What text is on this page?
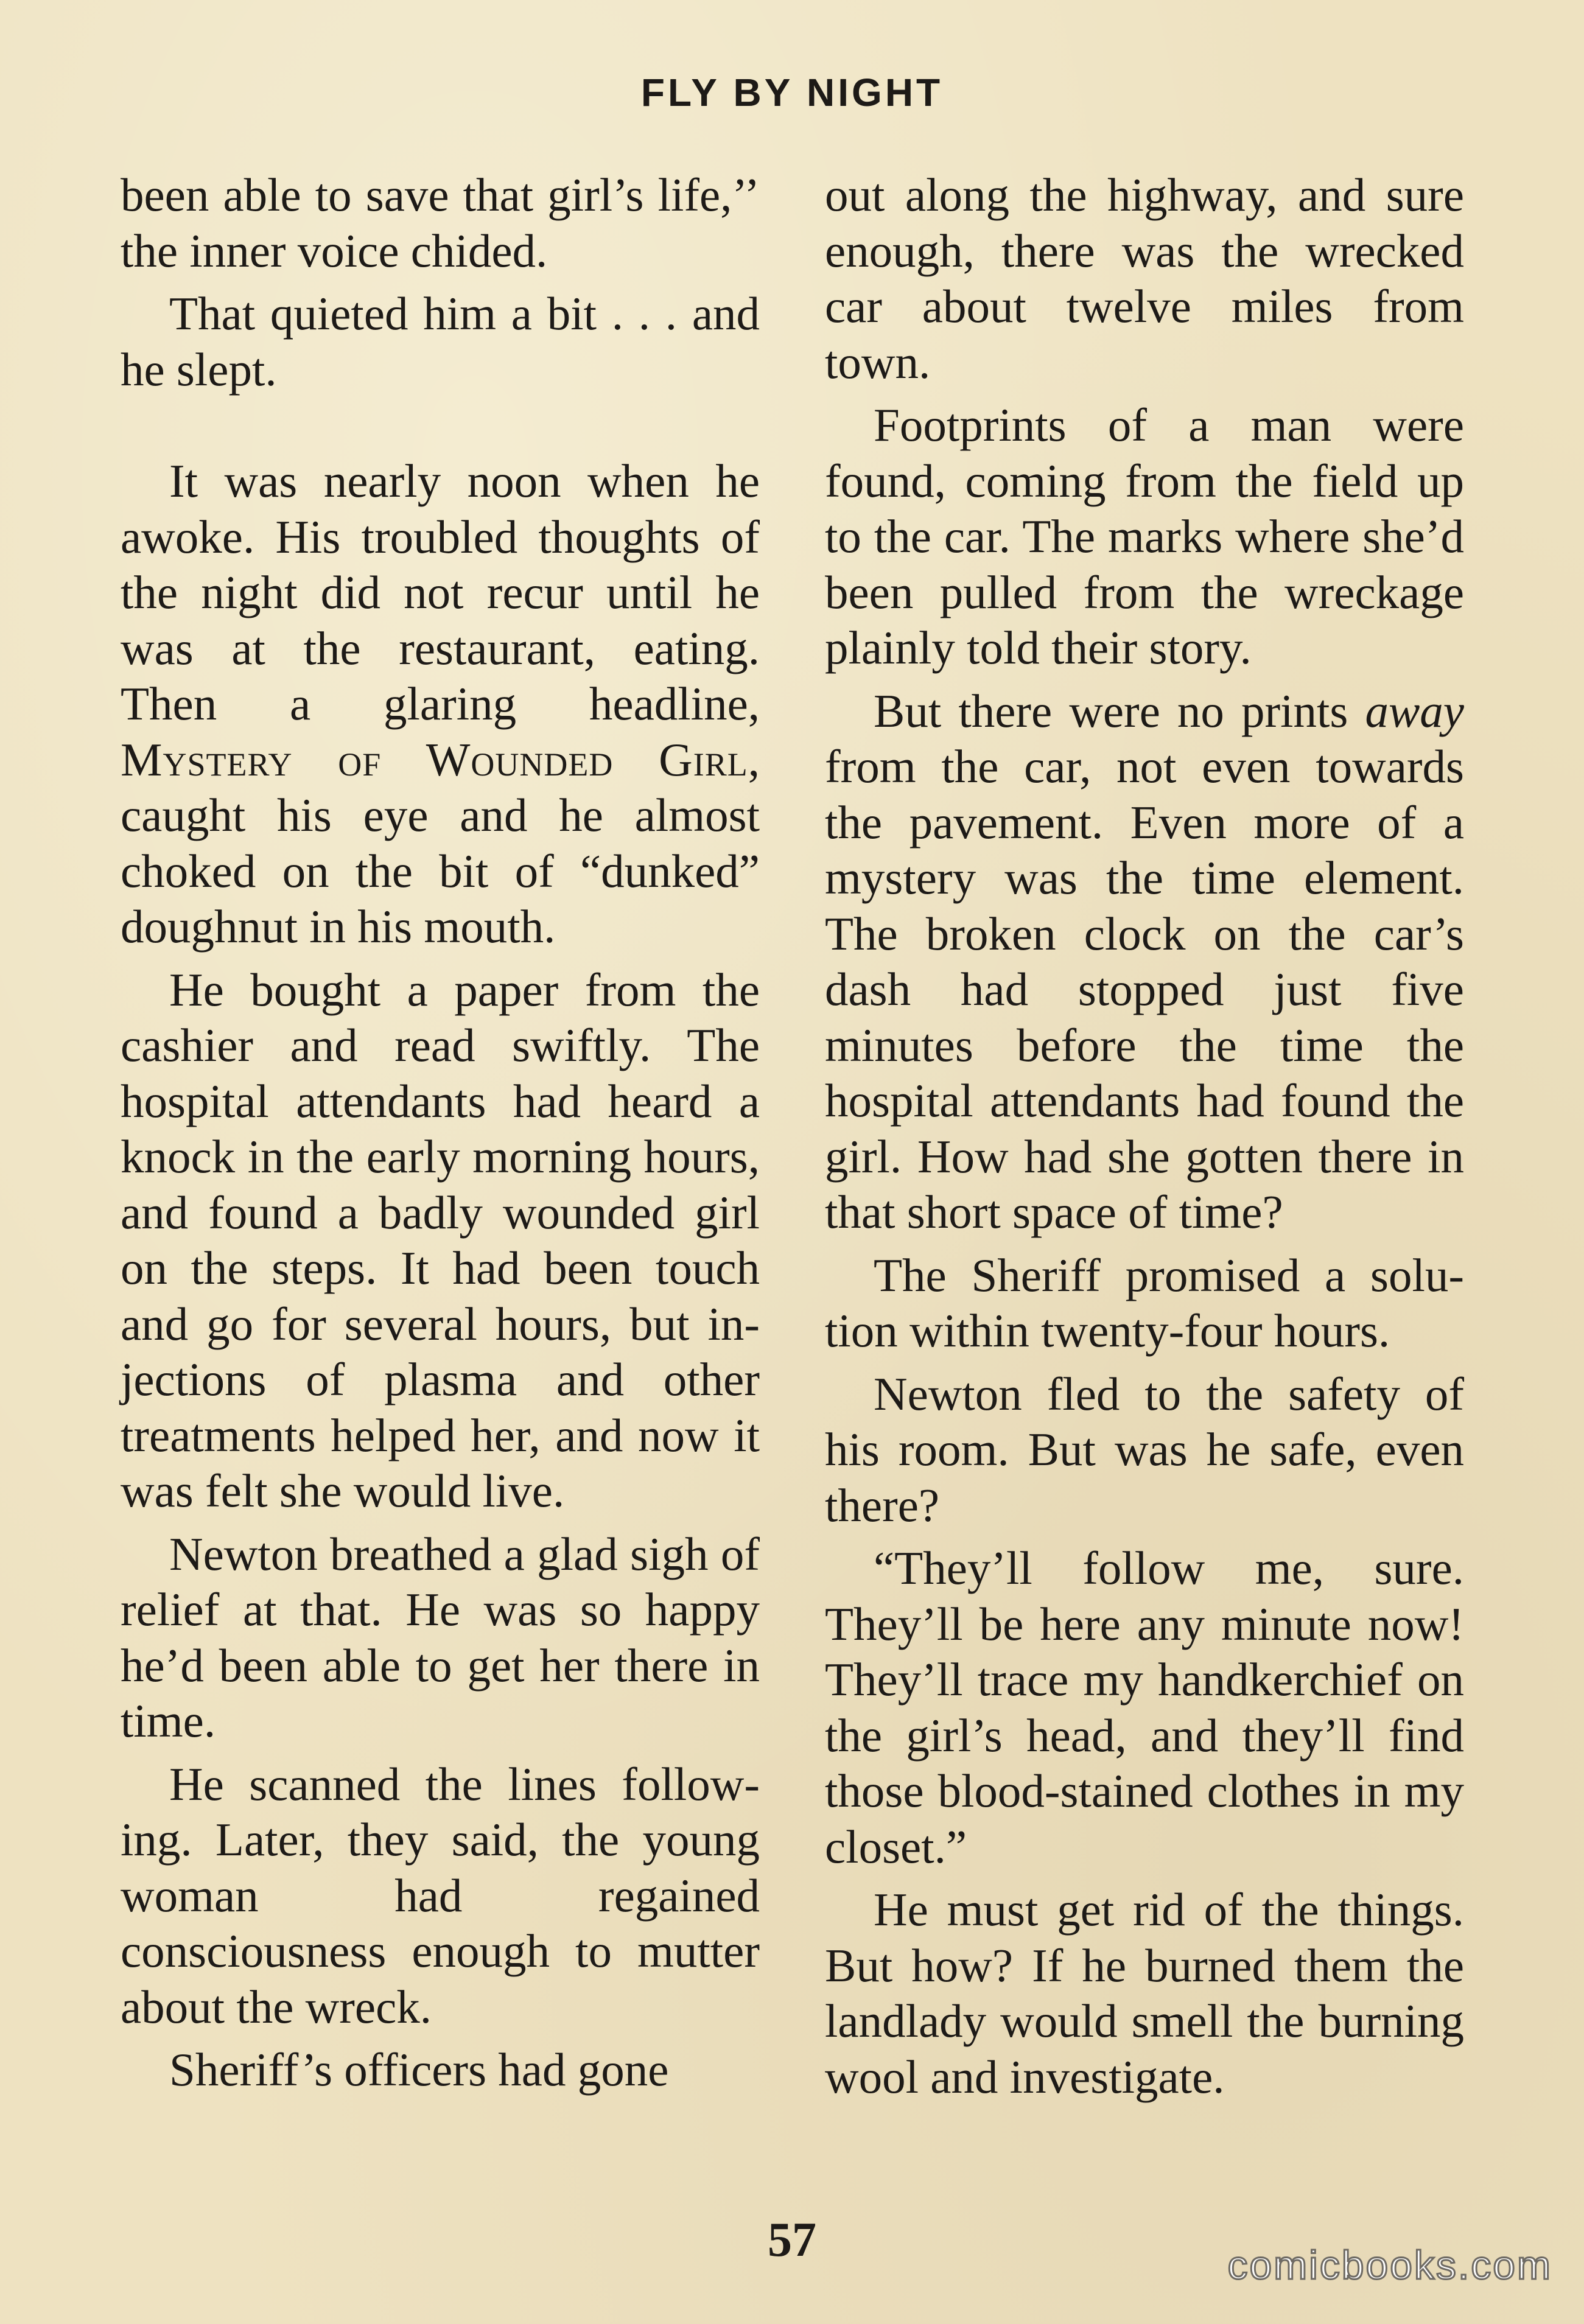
FLY BY NIGHT

been able to save that girl’s life,’’ the inner voice chided.

That quieted him a bit . . . and he slept.

It was nearly noon when he awoke. His troubled thoughts of the night did not recur until he was at the restaurant, eating. Then a glaring headline, Mystery of Wounded Girl, caught his eye and he almost choked on the bit of “dunked” doughnut in his mouth.

He bought a paper from the cashier and read swiftly. The hospital attendants had heard a knock in the early morning hours, and found a badly wounded girl on the steps. It had been touch and go for several hours, but injections of plasma and other treatments helped her, and now it was felt she would live.

Newton breathed a glad sigh of relief at that. He was so happy he’d been able to get her there in time.

He scanned the lines following. Later, they said, the young woman had regained consciousness enough to mutter about the wreck.

Sheriff’s officers had gone

out along the highway, and sure enough, there was the wrecked car about twelve miles from town.

Footprints of a man were found, coming from the field up to the car. The marks where she’d been pulled from the wreckage plainly told their story.

But there were no prints away from the car, not even towards the pavement. Even more of a mystery was the time element. The broken clock on the car’s dash had stopped just five minutes before the time the hospital attendants had found the girl. How had she gotten there in that short space of time?

The Sheriff promised a solution within twenty-four hours.

Newton fled to the safety of his room. But was he safe, even there?

“They’ll follow me, sure. They’ll be here any minute now! They’ll trace my handkerchief on the girl’s head, and they’ll find those blood-stained clothes in my closet.”

He must get rid of the things. But how? If he burned them the landlady would smell the burning wool and investigate.

57	comicbooks.com
